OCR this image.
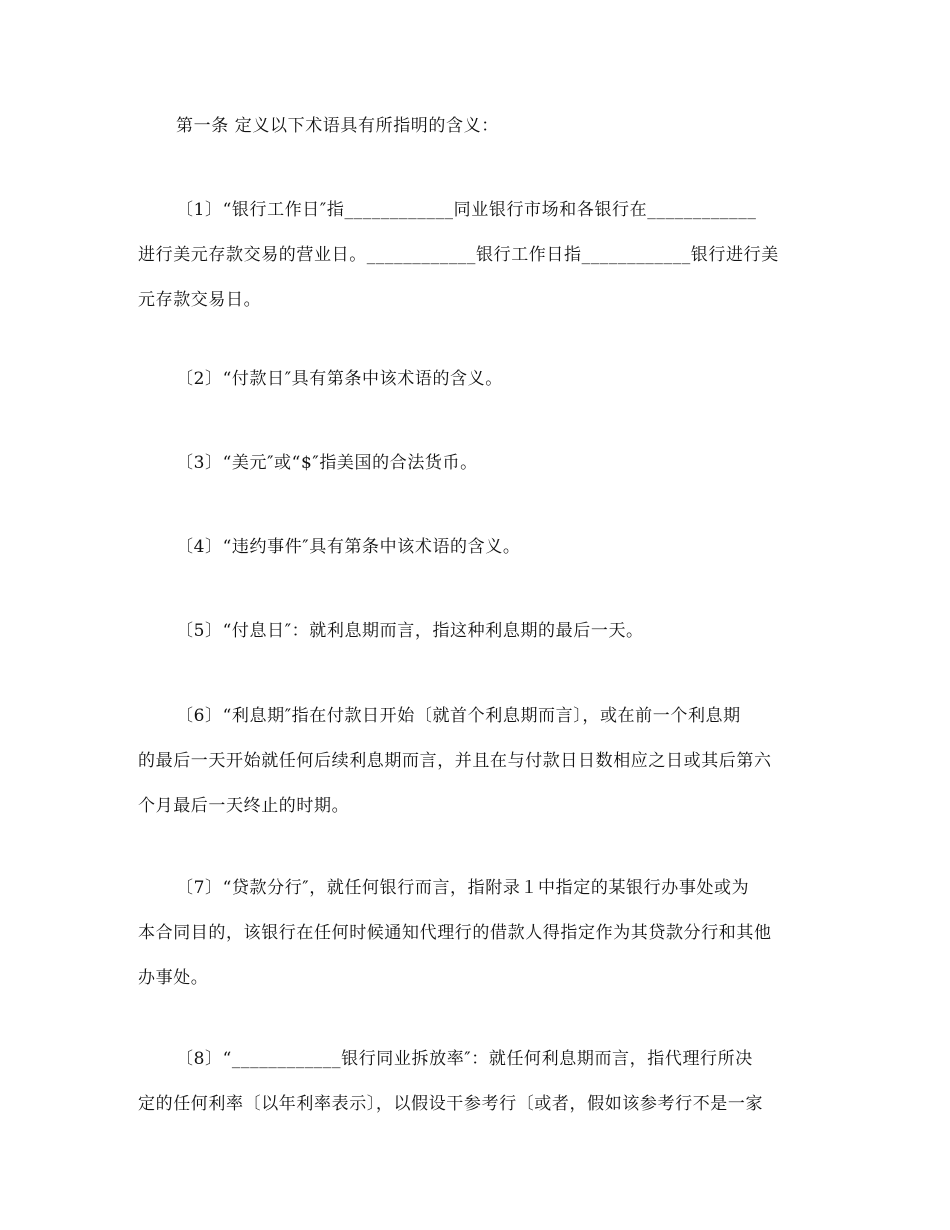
第一条 定义以下术语具有所指明的含义：

〔1〕“银行工作日″指____________同业银行市场和各银行在____________
进行美元存款交易的营业日。____________银行工作日指____________银行进行美
元存款交易日。

〔2〕“付款日″具有第条中该术语的含义。

〔3〕“美元″或“$″指美国的合法货币。

〔4〕“违约事件″具有第条中该术语的含义。

〔5〕“付息日″：就利息期而言，指这种利息期的最后一天。

〔6〕“利息期″指在付款日开始〔就首个利息期而言〕，或在前一个利息期
的最后一天开始就任何后续利息期而言，并且在与付款日日数相应之日或其后第六
个月最后一天终止的时期。

〔7〕“贷款分行″，就任何银行而言，指附录１中指定的某银行办事处或为
本合同目的，该银行在任何时候通知代理行的借款人得指定作为其贷款分行和其他
办事处。

〔8〕“____________银行同业拆放率″：就任何利息期而言，指代理行所决
定的任何利率〔以年利率表示〕，以假设干参考行〔或者，假如该参考行不是一家
